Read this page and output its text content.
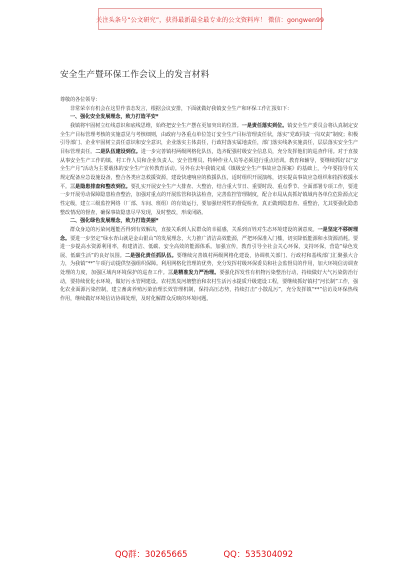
关注头条号“公文研究”，获得最新最全最专业的公文资料库！ 微信：gongwen99
安全生产暨环保工作会议上的发言材料

尊敬的各位领导：

非常荣幸有机会在这里作表态发言，根据会议安排，下面就做好我镇安全生产和环保工作汇报如下：

一、强化安全发展理念，致力打造平安*

我镇将牢固树立红线意识和底线思维，始终把安全生产摆在更加突出的位置。一是责任落实到位。镇安全生产委员会将认真制定安全生产目标管理考核的实施意见与考核细则，由政府与各重点单位签订安全生产目标管理责任状，落实“党政同责一岗双责”制度；积极引导部门、企业牢固树立责任意识和安全意识，企业落实主体责任，行政村落实属地责任，部门落实线条实施责任，层层落实安全生产目标管理责任。二是队伍建设到位。进一步完善镇村两级网格化队伍，选齐配强村级安全信息员，充分发挥他们的巡查作用。对于直接从事安全生产工作的镇、村工作人员和企业负责人、安全管理员、特种作业人员等必须进行重点培训。教育和辅导，要继续抓好以“安全生产月”活动为主要载体的安全生产宣传教育活动。另外在去年我镇完成《镇级安全生产事故应急预案》的基础上，今年要指导有关规定配备应急设施设备，整合各类应急救援资源，建设快速响应的救援队伍，适时组织开展演练，切实提高事故应急组织和指挥救援水平。三是隐患排查和整改到位。要扎实开展安全生产大排查、大整治，结合重大节日、重要时段、重点季节、全面部署专项工作，要进一步开展劳动保障隐患检查整治，加强对重点的开展监管和执法检查，完善监控管理制度，配合市局从真抓好镇域内各单位危险源点定性定级，建立三级监控网络（厂部、车间、班组）的有效运行，要加强经常性的督促检查，真正做到隐患查、重整治，尤其要强化隐患整改情况的督查，确保事故隐患尽早发现，及时整改，形成闭路。

二、强化绿色发展理念，致力打造美丽*

群众身边的污染问题能否得到有效解决，直接关系到人民群众的幸福感，关系到百姓对生态环境建设的满意度。一是坚定不移树理念。要进一步坚定“绿水青山就是金山银山”的发展理念，大力推广清洁高效能源，严把环保准入门槛，切实降低能源和水资源消耗。要进一步提高水资源利用率，构建清洁、低碳、安全高效的能源体系。加强宣传，教育引导全社会关心环保，支持环保，营造“绿色发展、低碳生活”的良好氛围。二是强化责任抓队伍。要继续完善镇村两级网格化建设，协调机关部门、行政村和基线部门汇聚强大合力，为我镇“**”午项行动提供坚强组织保障。利用网格化管理的优势，充分发挥村级环保委员和社会监督员的作用，加大环境信访调查处理的力度，加强区域内环境保护的巡查工作。三是精准发力严治理。要强化挥发性有机物污染整治行动，持续做好大气污染防治行动，要持续优化水环境，做好污水管网建设。农村黑臭河塘整治和农村生活污水提质升级建设工程，要继续抓好镇村“河长制”工作，强化农业面源污染控制，建立畜禽养殖污染治理长效管理机制，保持高压态势，持续打击“小散乱污”，充分发挥镇“**”信访及环保热线作用，继续做好环境信访协调处理，及时化解群众反映的环境问题。

QQ群：30265665	QQ：535304092
